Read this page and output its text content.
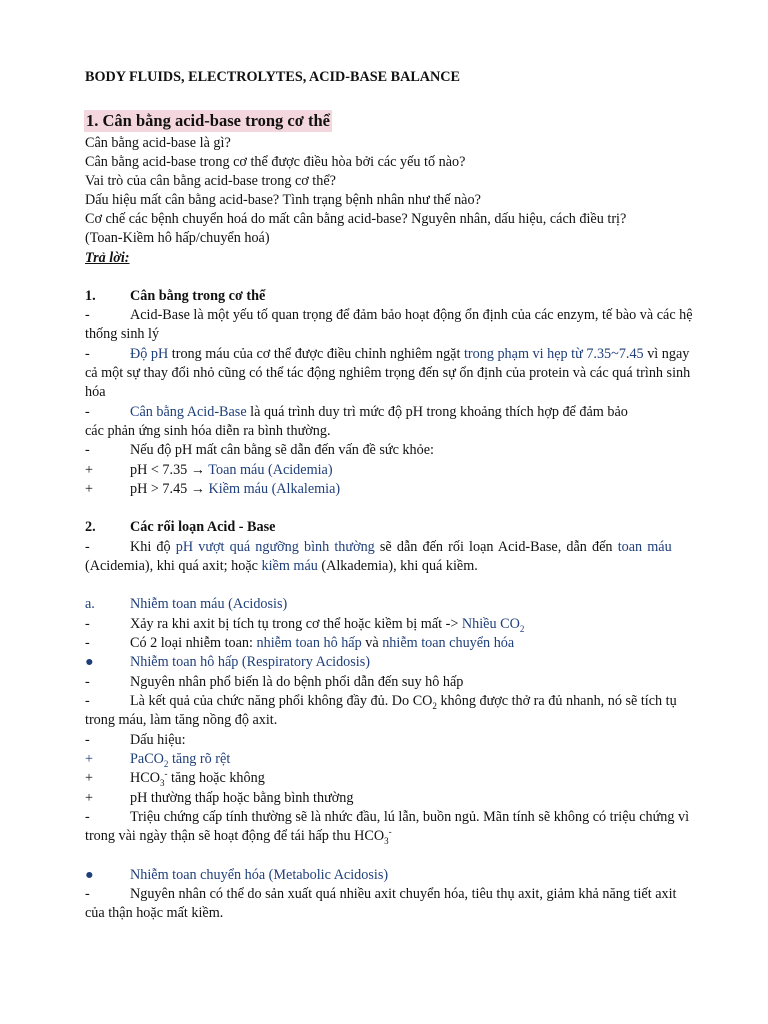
BODY FLUIDS, ELECTROLYTES, ACID-BASE BALANCE
1. Cân bằng acid-base trong cơ thể
Cân bằng acid-base là gì?
Cân bằng acid-base trong cơ thể được điều hòa bởi các yếu tố nào?
Vai trò của cân bằng acid-base trong cơ thể?
Dấu hiệu mất cân bằng acid-base? Tình trạng bệnh nhân như thế nào?
Cơ chế các bệnh chuyển hoá do mất cân bằng acid-base? Nguyên nhân, dấu hiệu, cách điều trị?
(Toan-Kiềm hô hấp/chuyển hoá)
Trả lời:
1.	Cân bằng trong cơ thể
-	Acid-Base là một yếu tố quan trọng để đảm bảo hoạt động ổn định của các enzym, tế bào và các hệ
thống sinh lý
-	Độ pH trong máu của cơ thể được điều chỉnh nghiêm ngặt trong phạm vi hẹp từ 7.35~7.45 vì ngay
cả một sự thay đổi nhỏ cũng có thể tác động nghiêm trọng đến sự ổn định của protein và các quá trình sinh
hóa
-	Cân bằng Acid-Base là quá trình duy trì mức độ pH trong khoảng thích hợp để đảm bảo
các phản ứng sinh hóa diễn ra bình thường.
-	Nếu độ pH mất cân bằng sẽ dẫn đến vấn đề sức khỏe:
+	pH < 7.35 → Toan máu (Acidemia)
+	pH > 7.45 → Kiềm máu (Alkalemia)
2.	Các rối loạn Acid - Base
-	Khi độ pH vượt quá ngưỡng bình thường sẽ dẫn đến rối loạn Acid-Base, dẫn đến toan máu
(Acidemia), khi quá axit; hoặc kiềm máu (Alkademia), khi quá kiềm.
a.	Nhiễm toan máu (Acidosis)
-	Xảy ra khi axit bị tích tụ trong cơ thể hoặc kiềm bị mất -> Nhiều $CO_2$
-	Có 2 loại nhiễm toan: nhiễm toan hô hấp và nhiễm toan chuyển hóa
●	Nhiễm toan hô hấp (Respiratory Acidosis)
-	Nguyên nhân phổ biến là do bệnh phổi dẫn đến suy hô hấp
-	Là kết quả của chức năng phổi không đầy đủ. Do $CO_2$ không được thở ra đủ nhanh, nó sẽ tích tụ
trong máu, làm tăng nồng độ axit.
-	Dấu hiệu:
+	PaCO$_2$ tăng rõ rệt
+	$HCO_3^-$ tăng hoặc không
+	pH thường thấp hoặc bằng bình thường
-	Triệu chứng cấp tính thường sẽ là nhức đầu, lú lẫn, buồn ngủ. Mãn tính sẽ không có triệu chứng vì
trong vài ngày thận sẽ hoạt động để tái hấp thu $HCO_3^-$
●	Nhiễm toan chuyển hóa (Metabolic Acidosis)
-	Nguyên nhân có thể do sản xuất quá nhiều axit chuyển hóa, tiêu thụ axit, giảm khả năng tiết axit
của thận hoặc mất kiềm.
